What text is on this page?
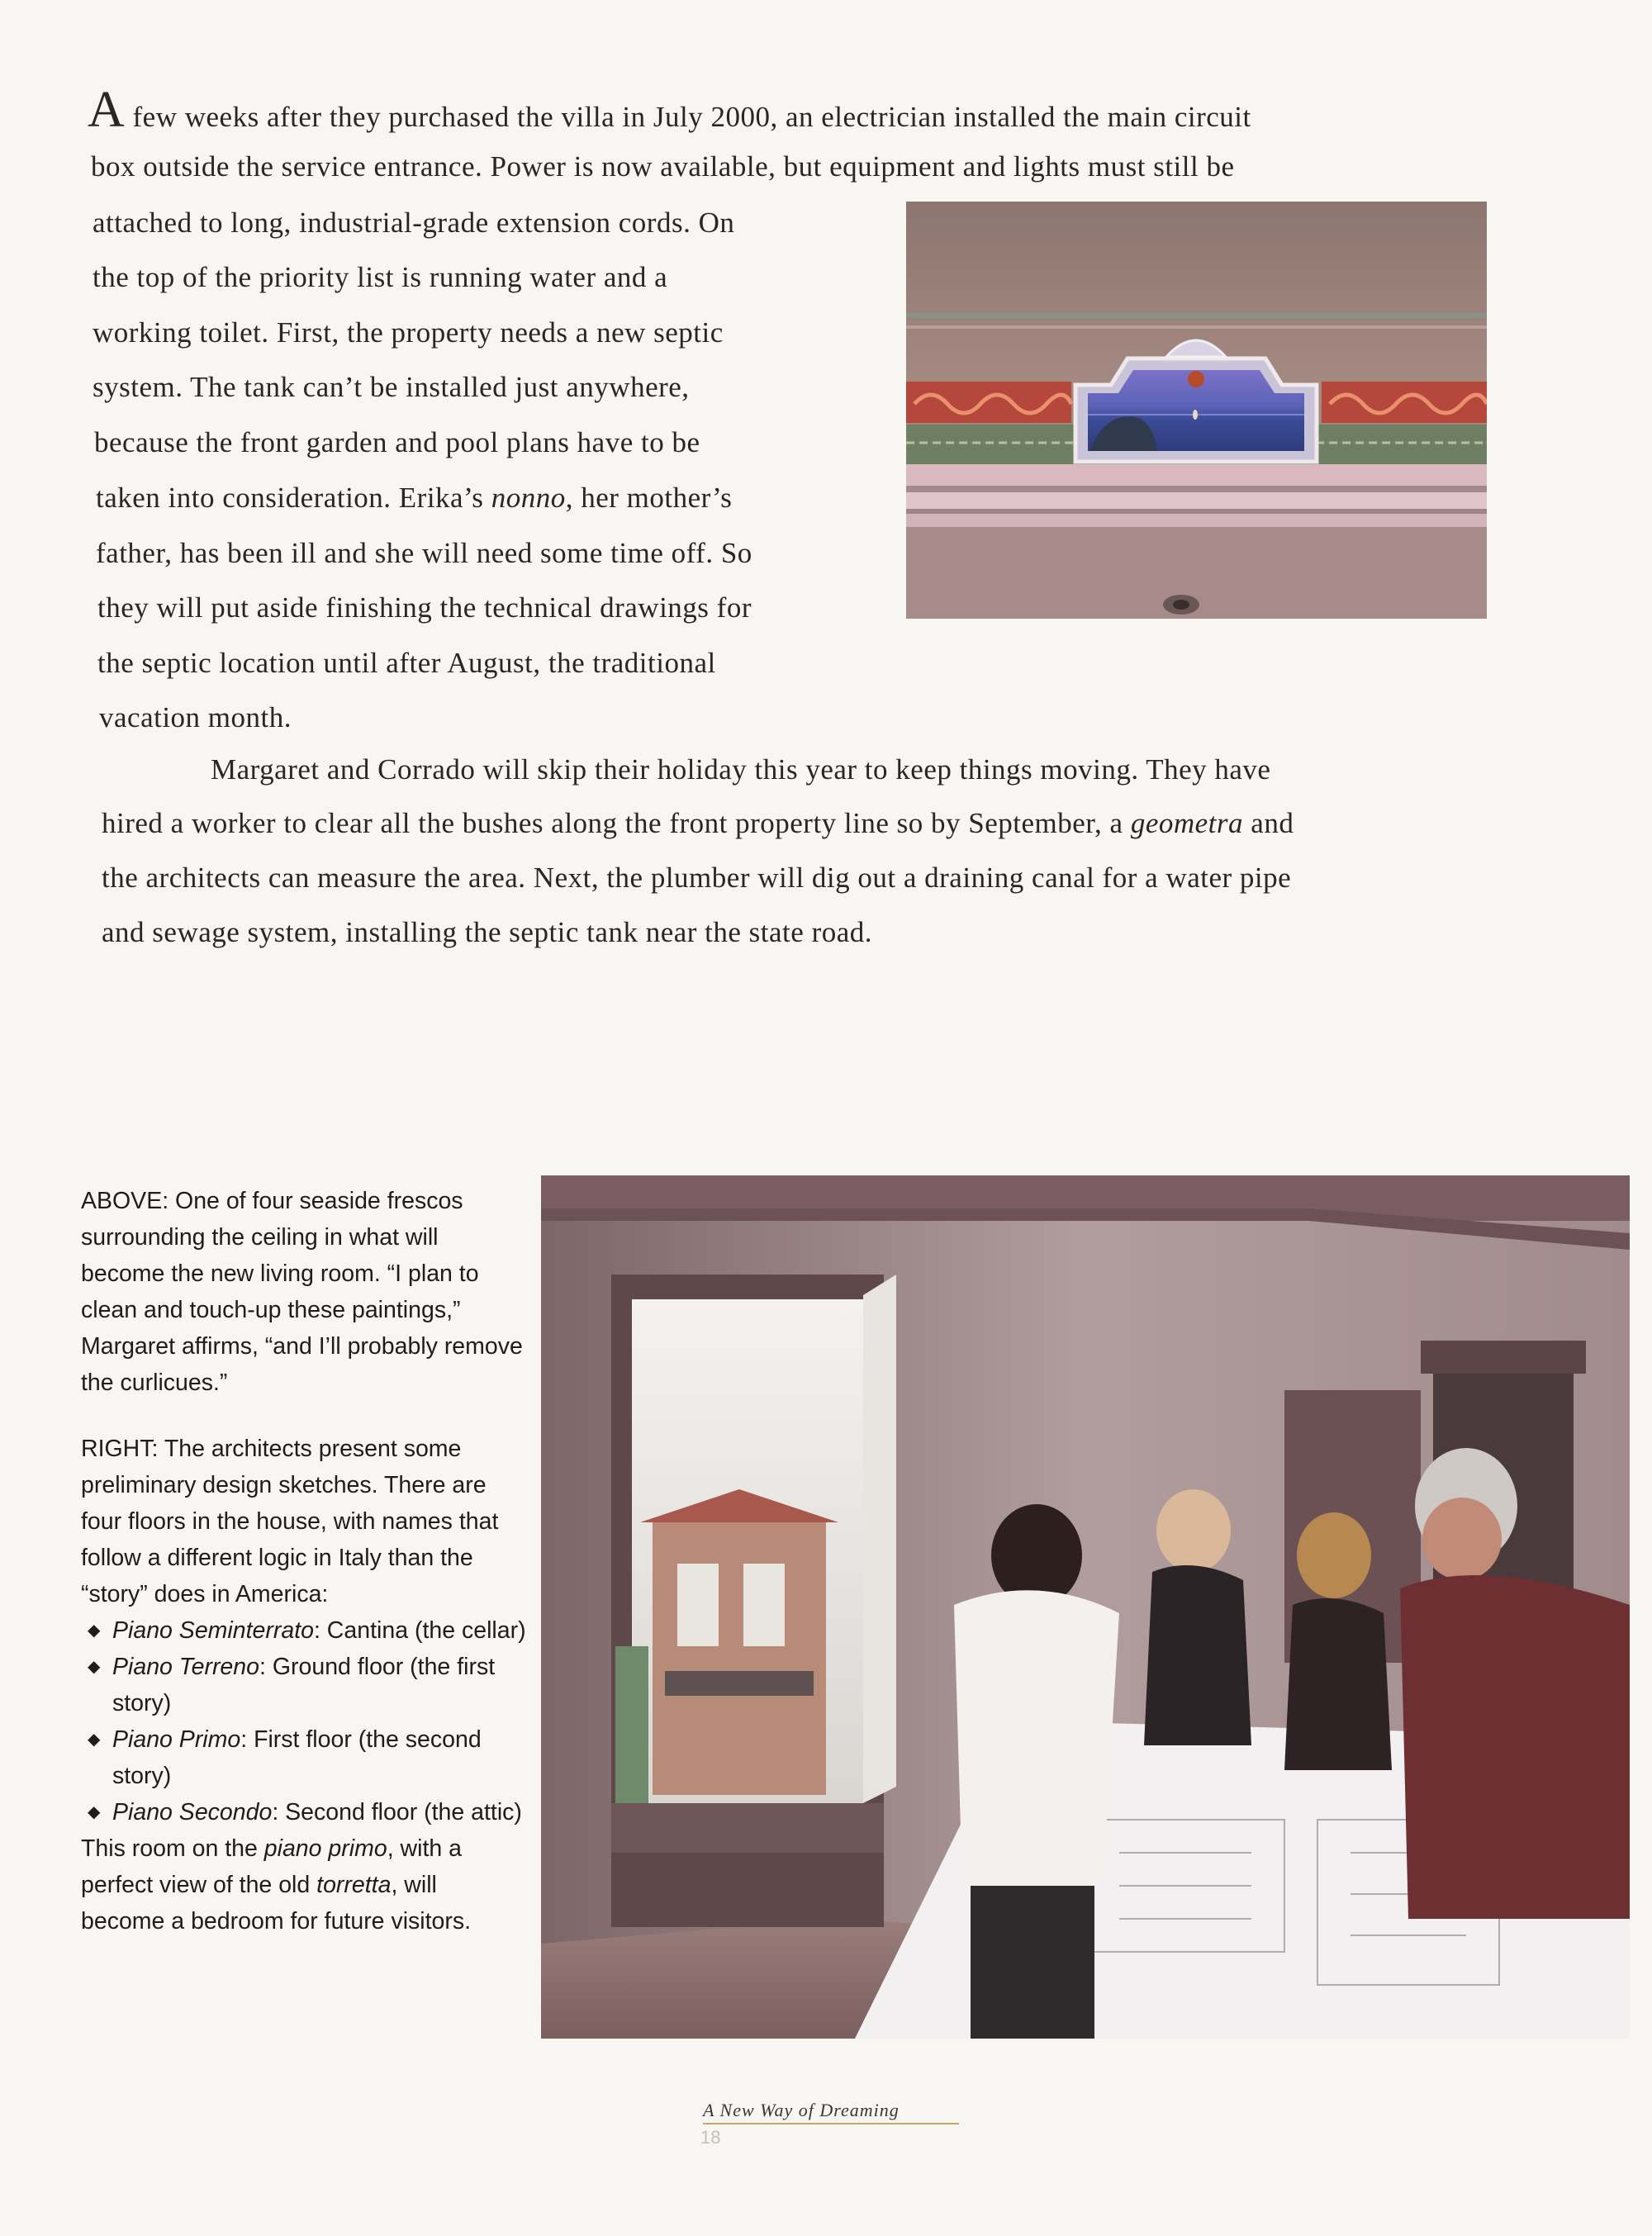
A few weeks after they purchased the villa in July 2000, an electrician installed the main circuit
box outside the service entrance. Power is now available, but equipment and lights must still be
attached to long, industrial-grade extension cords. On
the top of the priority list is running water and a
working toilet. First, the property needs a new septic
system. The tank can’t be installed just anywhere,
because the front garden and pool plans have to be
taken into consideration. Erika’s nonno, her mother’s
father, has been ill and she will need some time off. So
they will put aside finishing the technical drawings for
the septic location until after August, the traditional
vacation month.
Margaret and Corrado will skip their holiday this year to keep things moving. They have
hired a worker to clear all the bushes along the front property line so by September, a geometra and
the architects can measure the area. Next, the plumber will dig out a draining canal for a water pipe
and sewage system, installing the septic tank near the state road.

ABOVE: One of four seaside frescos surrounding the ceiling in what will become the new living room. “I plan to clean and touch-up these paintings,” Margaret affirms, “and I’ll probably remove the curlicues.”

RIGHT: The architects present some preliminary design sketches. There are four floors in the house, with names that follow a different logic in Italy than the “story” does in America:

◆ Piano Seminterrato: Cantina (the cellar)
◆ Piano Terreno: Ground floor (the first story)
◆ Piano Primo: First floor (the second story)
◆ Piano Secondo: Second floor (the attic)

This room on the piano primo, with a perfect view of the old torretta, will become a bedroom for future visitors.

A New Way of Dreaming
18
